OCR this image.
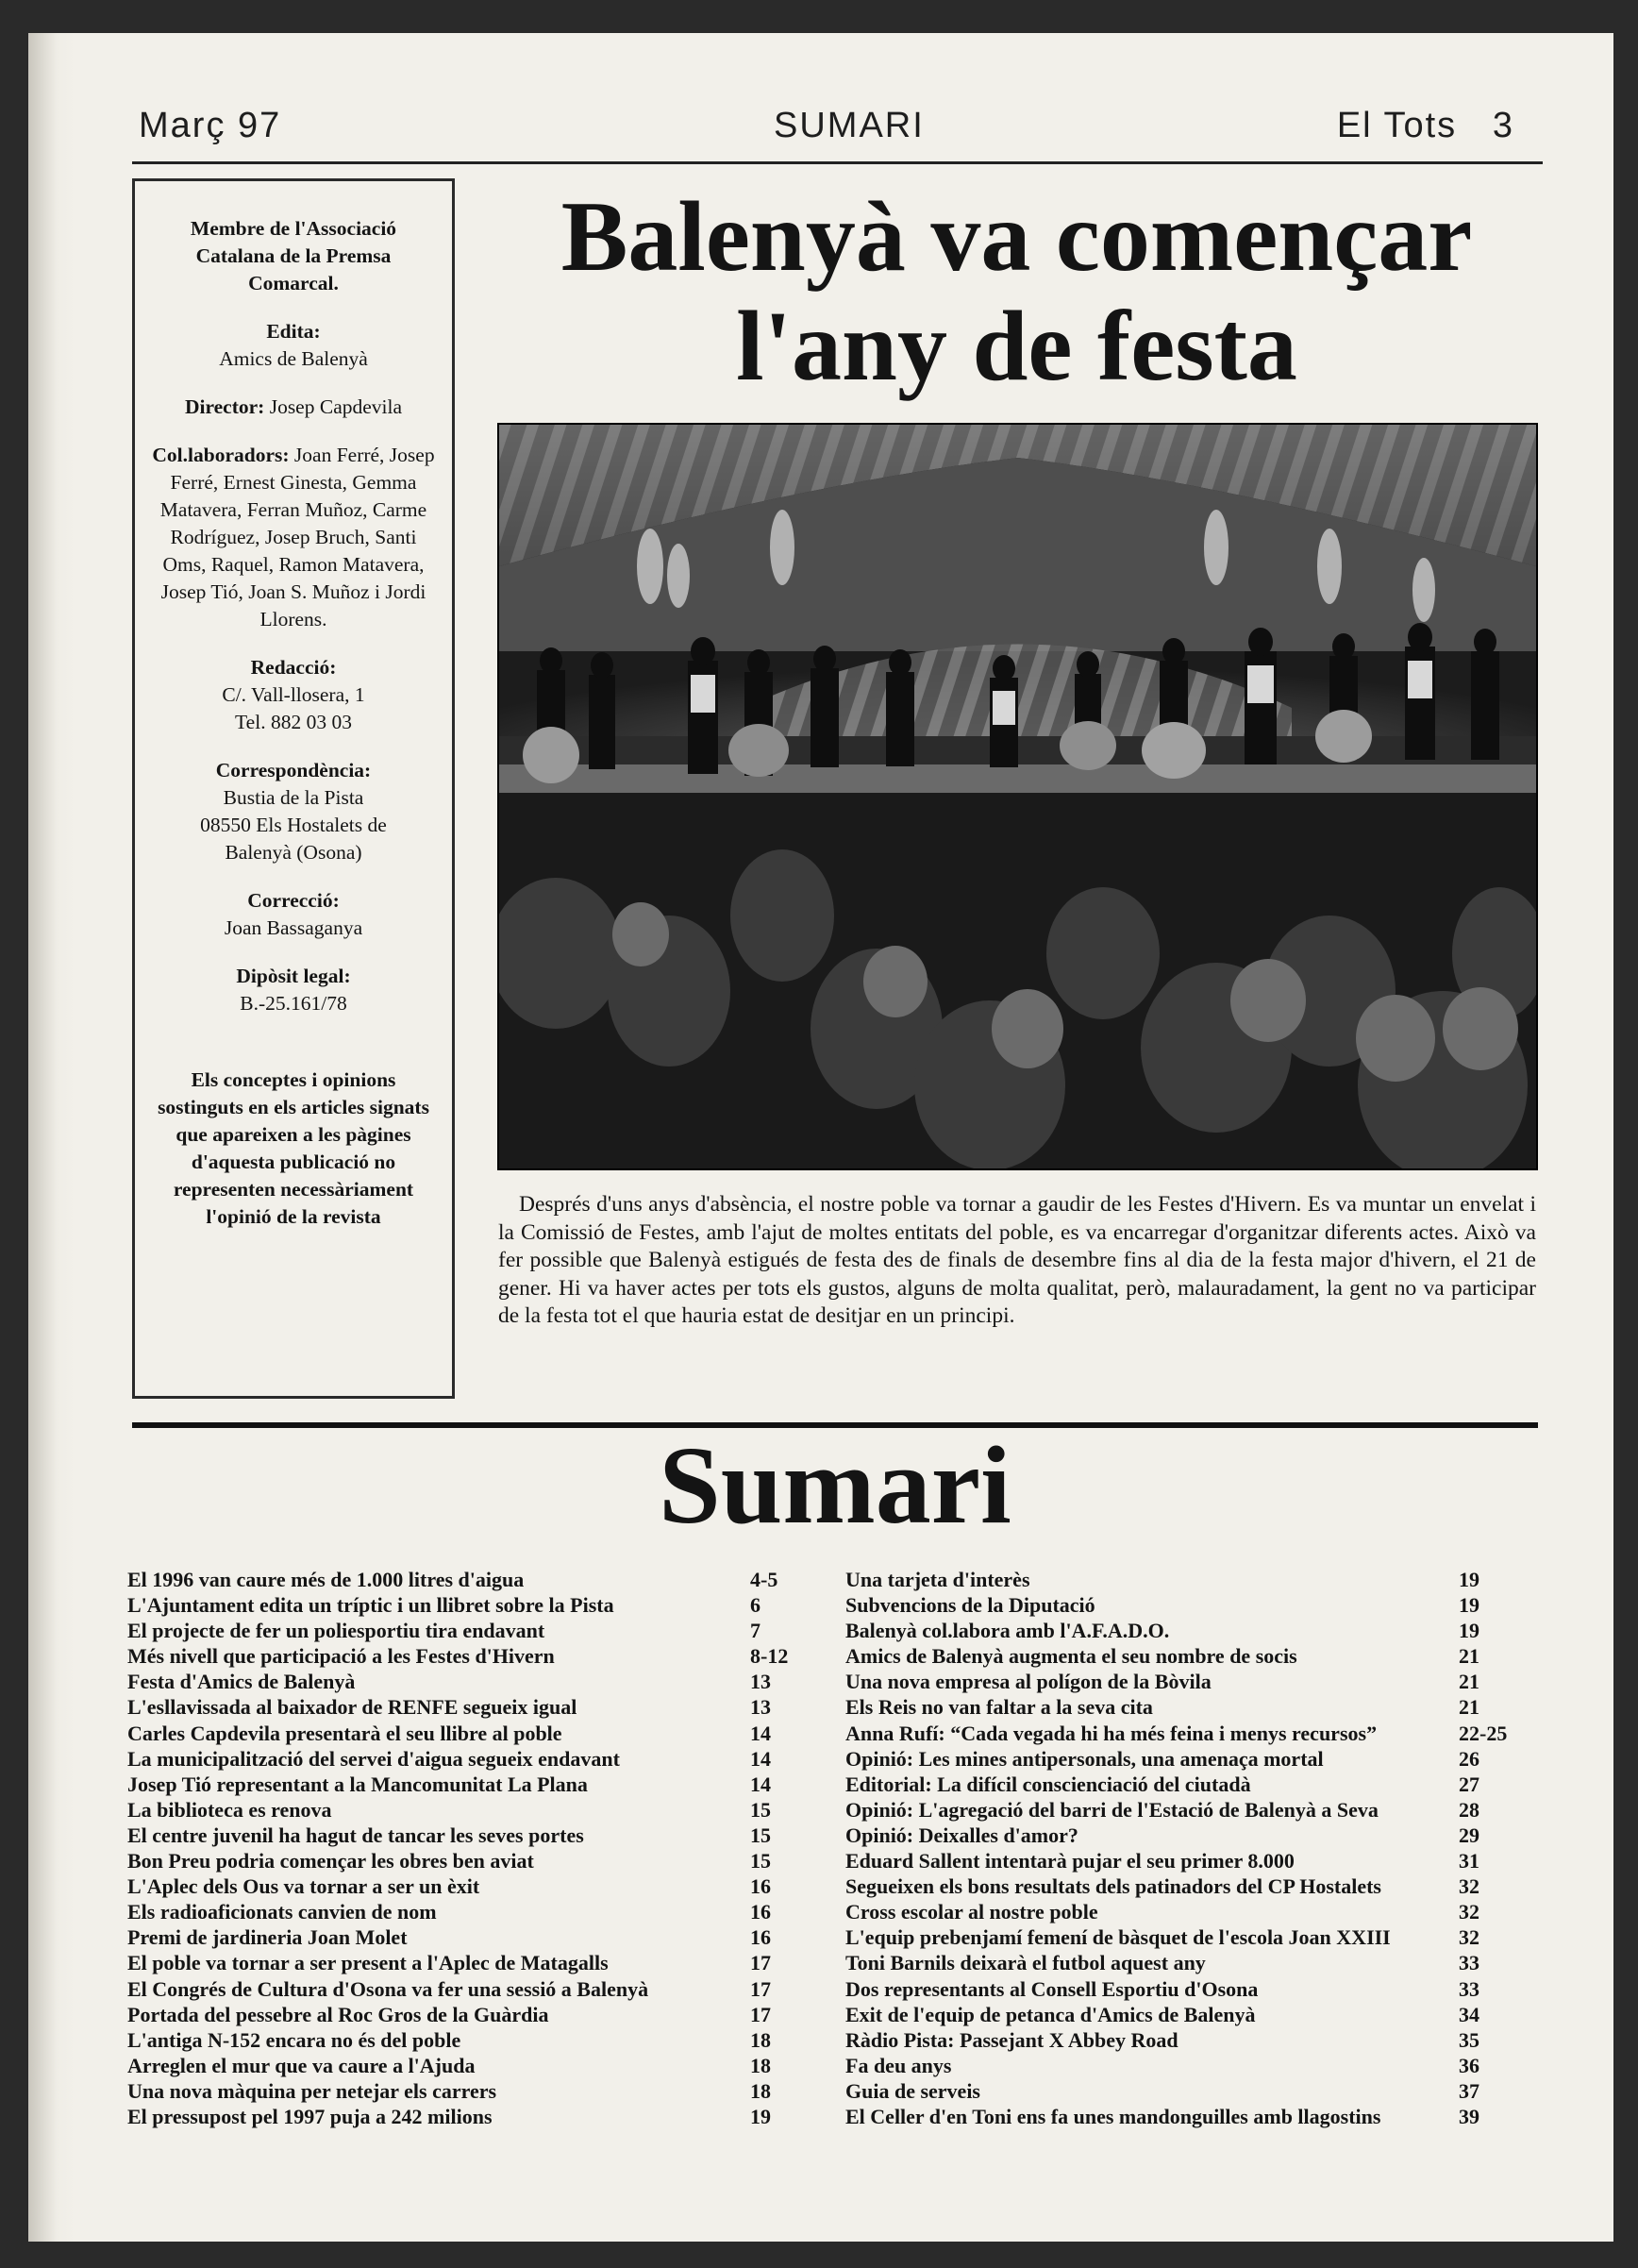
Març 97	SUMARI	El Tots   3
Membre de l'Associació Catalana de la Premsa Comarcal.
Edita:
Amics de Balenyà
Director: Josep Capdevila
Col.laboradors: Joan Ferré, Josep Ferré, Ernest Ginesta, Gemma Matavera, Ferran Muñoz, Carme Rodríguez, Josep Bruch, Santi Oms, Raquel, Ramon Matavera, Josep Tió, Joan S. Muñoz i Jordi Llorens.
Redacció:
C/. Vall-llosera, 1
Tel. 882 03 03
Correspondència:
Bustia de la Pista
08550 Els Hostalets de
Balenyà (Osona)
Correcció:
Joan Bassaganya
Dipòsit legal:
B.-25.161/78
Els conceptes i opinions sostinguts en els articles signats que apareixen a les pàgines d'aquesta publicació no representen necessàriament l'opinió de la revista
Balenyà va començar
l'any de festa
Després d'uns anys d'absència, el nostre poble va tornar a gaudir de les Festes d'Hivern. Es va muntar un envelat i la Comissió de Festes, amb l'ajut de moltes entitats del poble, es va encarregar d'organitzar diferents actes. Això va fer possible que Balenyà estigués de festa des de finals de desembre fins al dia de la festa major d'hivern, el 21 de gener. Hi va haver actes per tots els gustos, alguns de molta qualitat, però, malauradament, la gent no va participar de la festa tot el que hauria estat de desitjar en un principi.
Sumari
El 1996 van caure més de 1.000 litres d'aigua	4-5
L'Ajuntament edita un tríptic i un llibret sobre la Pista	6
El projecte de fer un poliesportiu tira endavant	7
Més nivell que participació a les Festes d'Hivern	8-12
Festa d'Amics de Balenyà	13
L'esllavissada al baixador de RENFE segueix igual	13
Carles Capdevila presentarà el seu llibre al poble	14
La municipalització del servei d'aigua segueix endavant	14
Josep Tió representant a la Mancomunitat La Plana	14
La biblioteca es renova	15
El centre juvenil ha hagut de tancar les seves portes	15
Bon Preu podria començar les obres ben aviat	15
L'Aplec dels Ous va tornar a ser un èxit	16
Els radioaficionats canvien de nom	16
Premi de jardineria Joan Molet	16
El poble va tornar a ser present a l'Aplec de Matagalls	17
El Congrés de Cultura d'Osona va fer una sessió a Balenyà	17
Portada del pessebre al Roc Gros de la Guàrdia	17
L'antiga N-152 encara no és del poble	18
Arreglen el mur que va caure a l'Ajuda	18
Una nova màquina per netejar els carrers	18
El pressupost pel 1997 puja a 242 milions	19
Una tarjeta d'interès	19
Subvencions de la Diputació	19
Balenyà col.labora amb l'A.F.A.D.O.	19
Amics de Balenyà augmenta el seu nombre de socis	21
Una nova empresa al polígon de la Bòvila	21
Els Reis no van faltar a la seva cita	21
Anna Rufí: “Cada vegada hi ha més feina i menys recursos”	22-25
Opinió: Les mines antipersonals, una amenaça mortal	26
Editorial: La difícil conscienciació del ciutadà	27
Opinió: L'agregació del barri de l'Estació de Balenyà a Seva	28
Opinió: Deixalles d'amor?	29
Eduard Sallent intentarà pujar el seu primer 8.000	31
Segueixen els bons resultats dels patinadors del CP Hostalets	32
Cross escolar al nostre poble	32
L'equip prebenjamí femení de bàsquet de l'escola Joan XXIII	32
Toni Barnils deixarà el futbol aquest any	33
Dos representants al Consell Esportiu d'Osona	33
Exit de l'equip de petanca d'Amics de Balenyà	34
Ràdio Pista: Passejant X Abbey Road	35
Fa deu anys	36
Guia de serveis	37
El Celler d'en Toni ens fa unes mandonguilles amb llagostins	39
